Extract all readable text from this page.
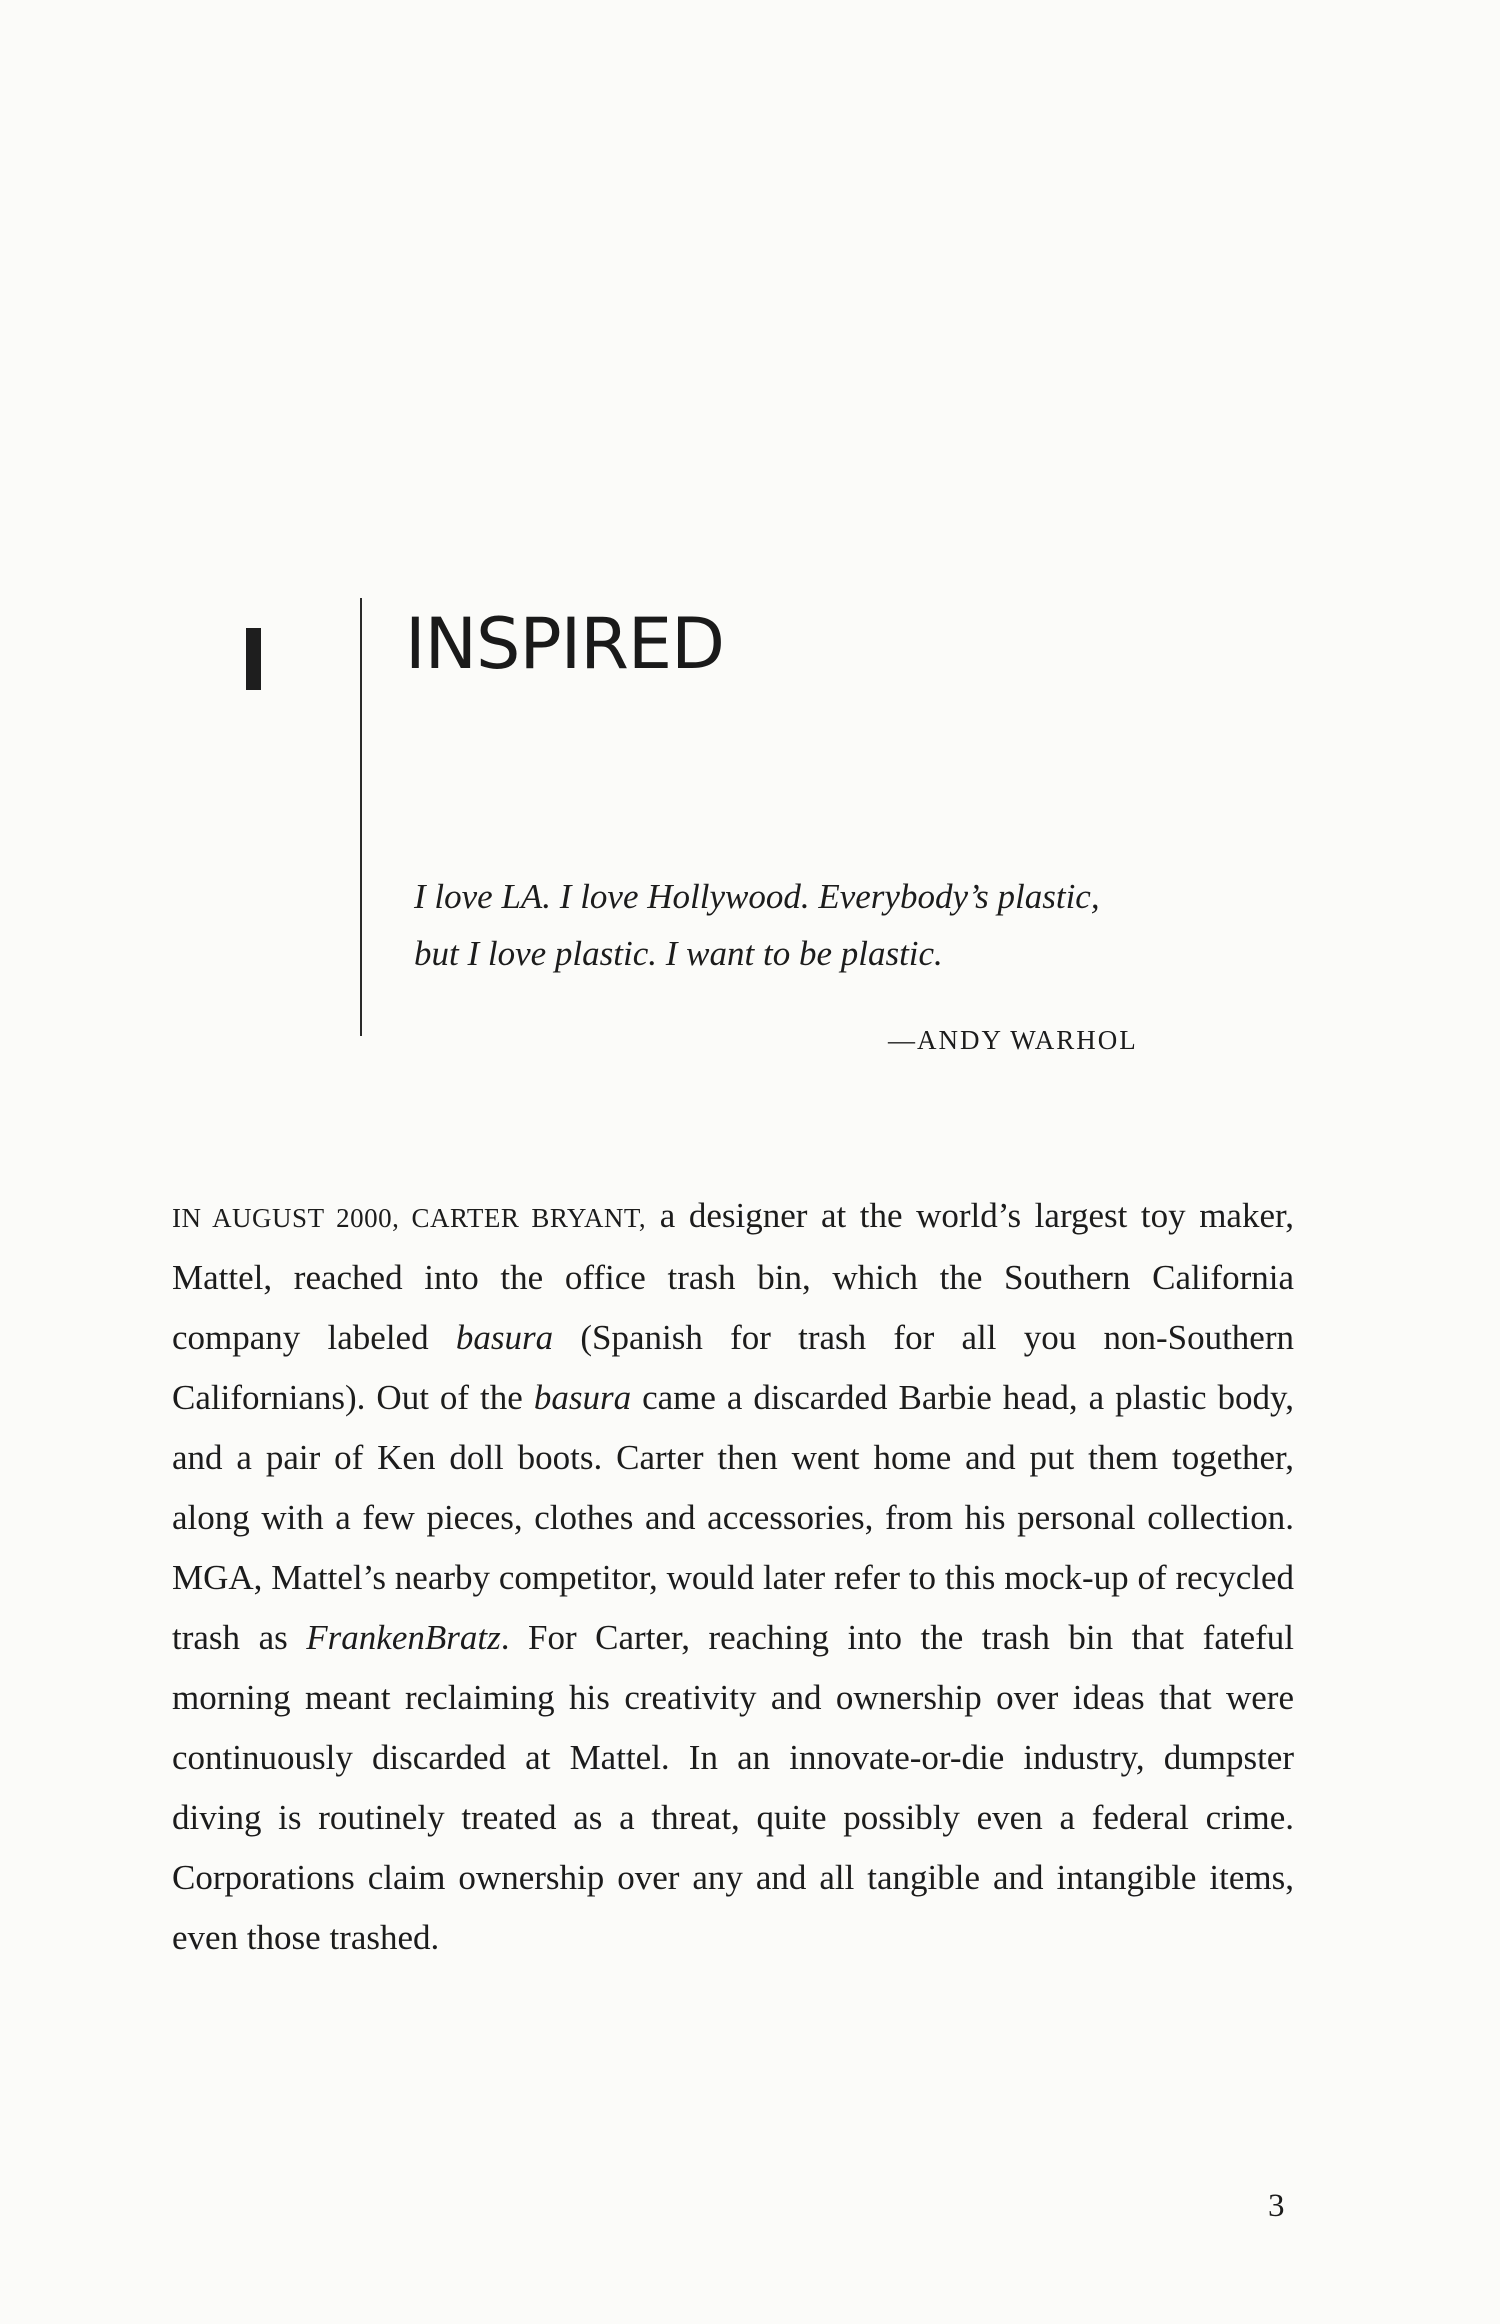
INSPIRED
I love LA. I love Hollywood. Everybody’s plastic,
but I love plastic. I want to be plastic.
—ANDY WARHOL

IN AUGUST 2000, CARTER BRYANT, a designer at the world’s largest toy maker, Mattel, reached into the office trash bin, which the Southern California company labeled basura (Spanish for trash for all you non-Southern Californians). Out of the basura came a discarded Barbie head, a plastic body, and a pair of Ken doll boots. Carter then went home and put them together, along with a few pieces, clothes and accessories, from his personal collection. MGA, Mattel’s nearby competitor, would later refer to this mock-up of recycled trash as FrankenBratz. For Carter, reaching into the trash bin that fateful morning meant reclaiming his creativity and ownership over ideas that were continuously discarded at Mattel. In an innovate-or-die industry, dumpster diving is routinely treated as a threat, quite possibly even a federal crime. Corporations claim ownership over any and all tangible and intangible items, even those trashed.

3
